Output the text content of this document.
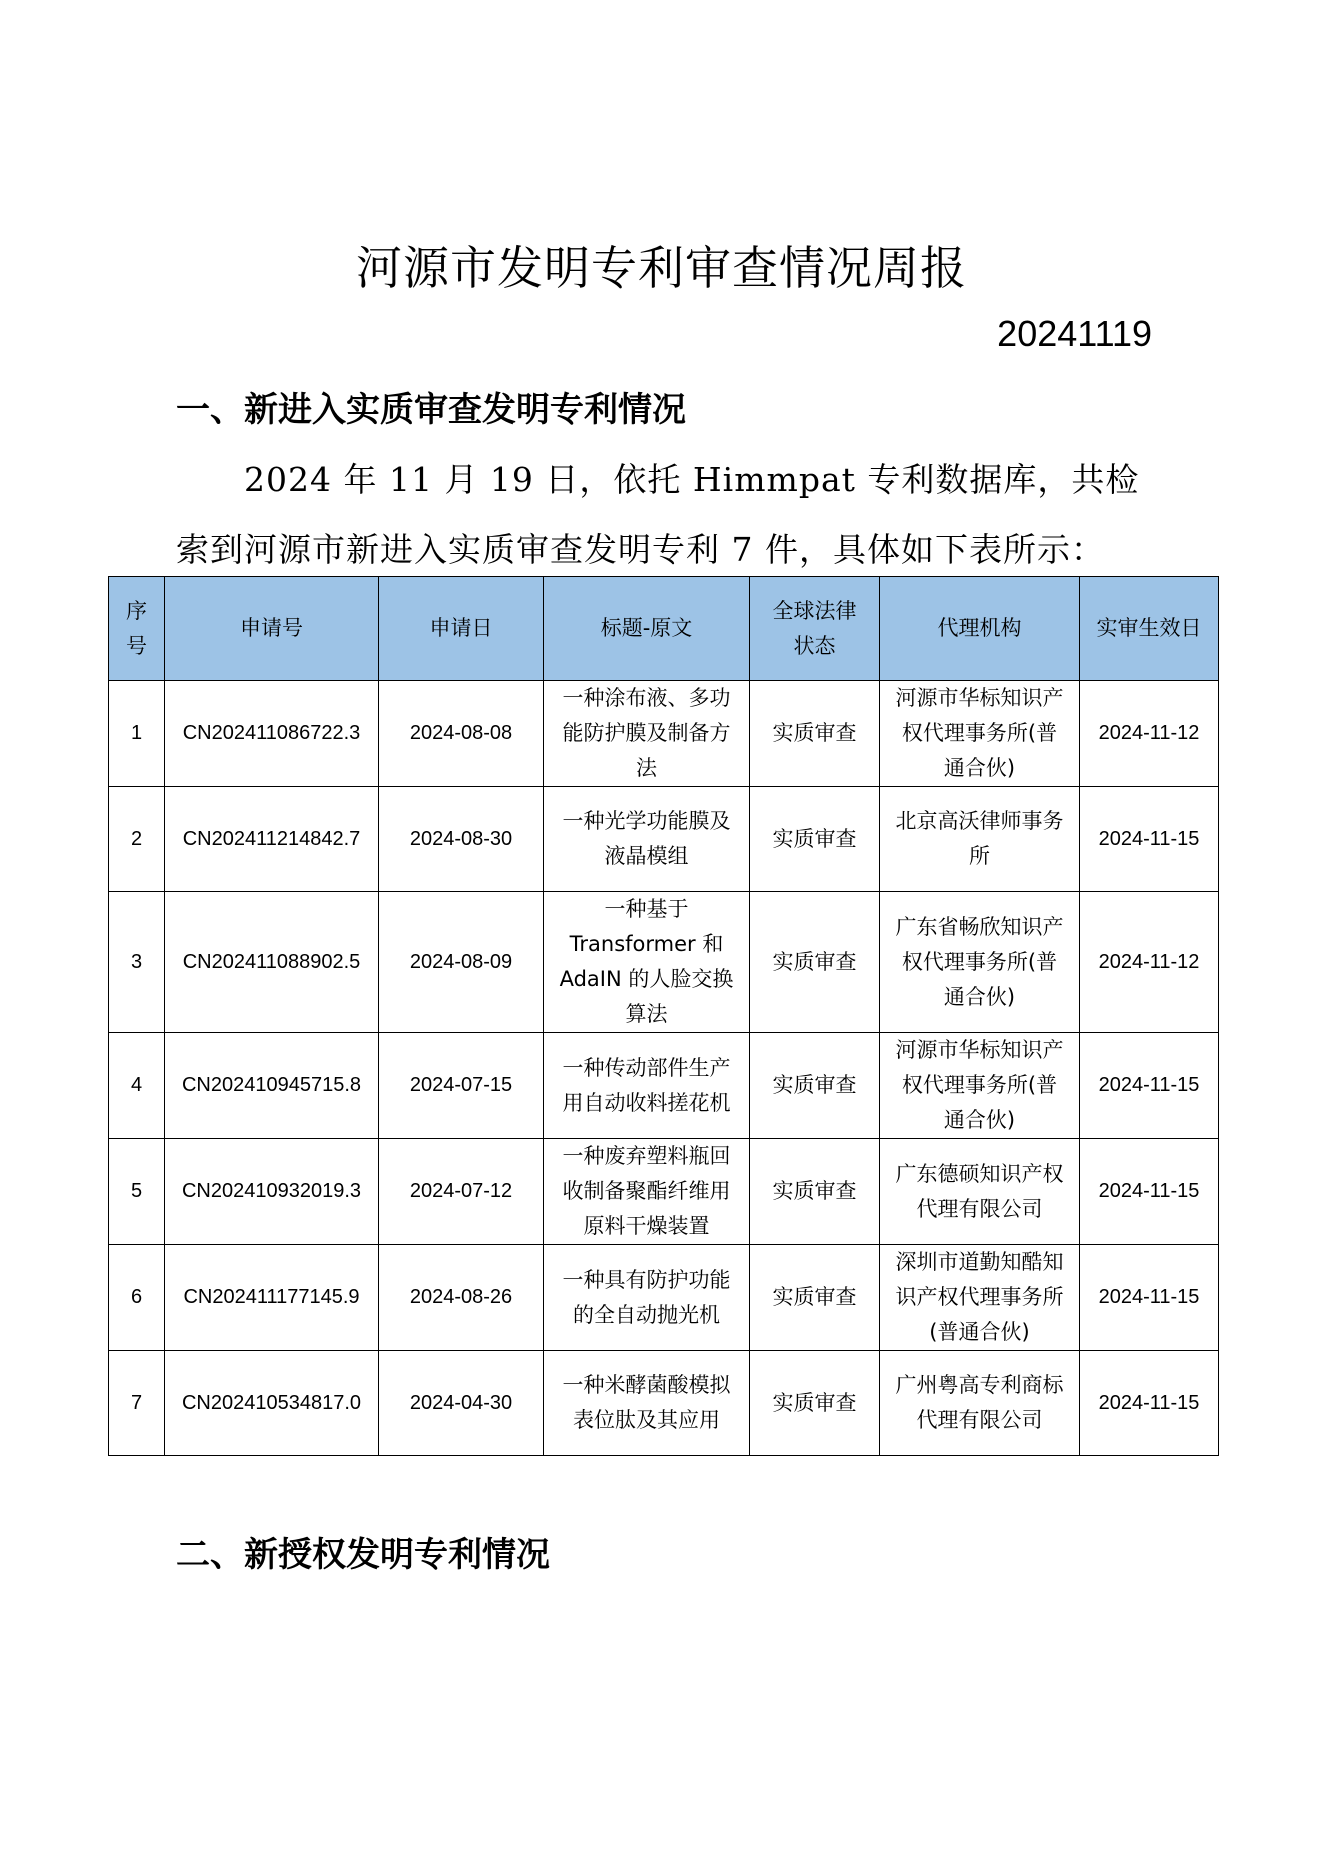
河源市发明专利审查情况周报
20241119
一、新进入实质审查发明专利情况
2024 年 11 月 19 日，依托 Himmpat 专利数据库，共检索到河源市新进入实质审查发明专利 7 件，具体如下表所示：
序号	申请号	申请日	标题-原文	全球法律状态	代理机构	实审生效日
1	CN202411086722.3	2024-08-08	一种涂布液、多功能防护膜及制备方法	实质审查	河源市华标知识产权代理事务所(普通合伙)	2024-11-12
2	CN202411214842.7	2024-08-30	一种光学功能膜及液晶模组	实质审查	北京高沃律师事务所	2024-11-15
3	CN202411088902.5	2024-08-09	一种基于 Transformer 和 AdaIN 的人脸交换算法	实质审查	广东省畅欣知识产权代理事务所(普通合伙)	2024-11-12
4	CN202410945715.8	2024-07-15	一种传动部件生产用自动收料搓花机	实质审查	河源市华标知识产权代理事务所(普通合伙)	2024-11-15
5	CN202410932019.3	2024-07-12	一种废弃塑料瓶回收制备聚酯纤维用原料干燥装置	实质审查	广东德硕知识产权代理有限公司	2024-11-15
6	CN202411177145.9	2024-08-26	一种具有防护功能的全自动抛光机	实质审查	深圳市道勤知酷知识产权代理事务所(普通合伙)	2024-11-15
7	CN202410534817.0	2024-04-30	一种米酵菌酸模拟表位肽及其应用	实质审查	广州粤高专利商标代理有限公司	2024-11-15
二、新授权发明专利情况
